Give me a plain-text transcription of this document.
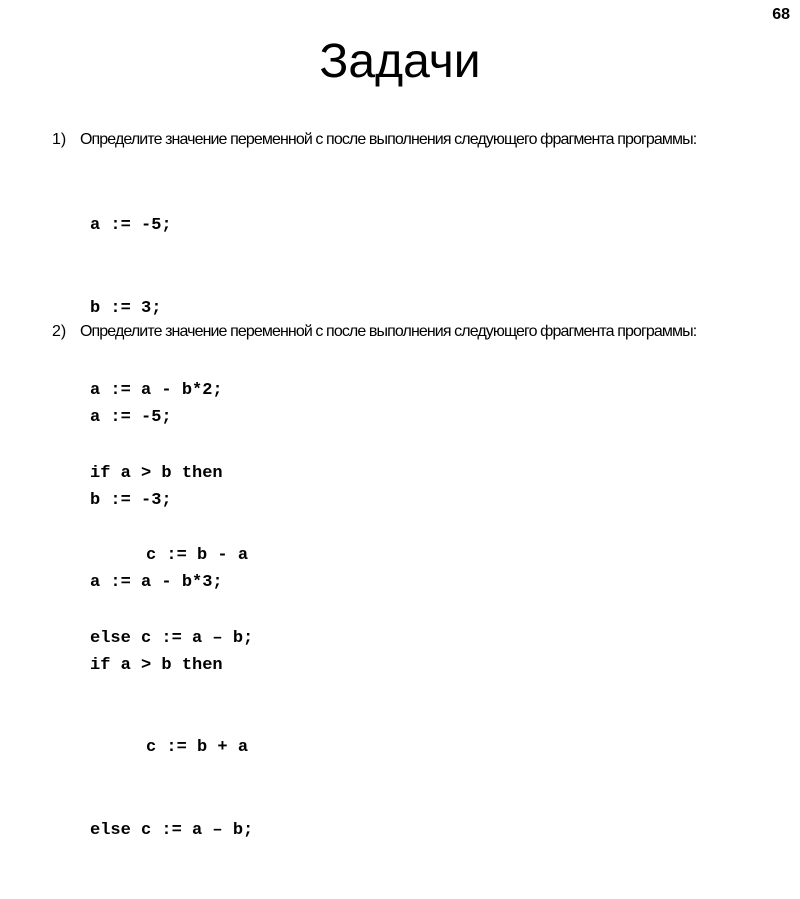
68
Задачи
1) Определите значение переменной c после выполнения следующего фрагмента программы:

a := -5;

b := 3;

a := a - b*2;

if a > b then

c := b - a

else c := a – b;

2) Определите значение переменной c после выполнения следующего фрагмента программы:

a := -5;

b := -3;

a := a - b*3;

if a > b then

c := b + a

else c := a – b;
